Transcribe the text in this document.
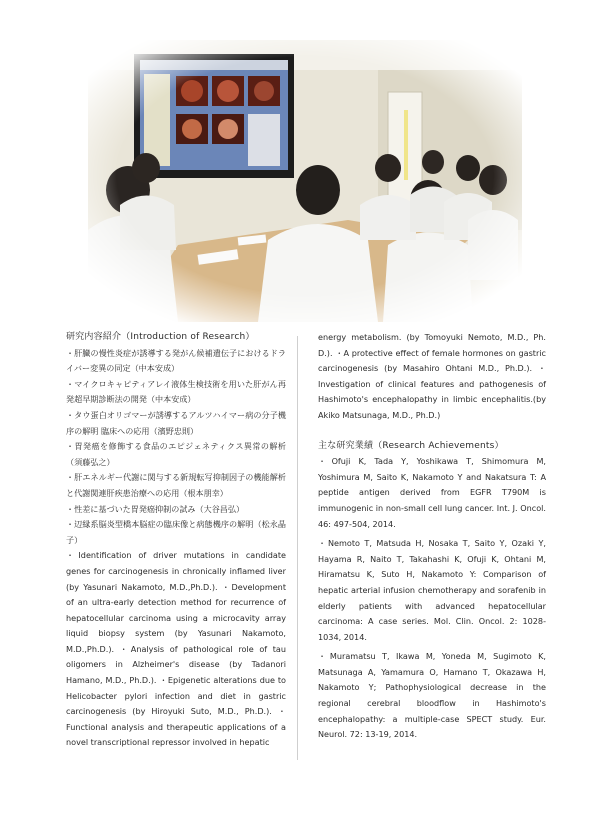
研究内容紹介（Introduction of Research）

・肝臓の慢性炎症が誘導する発がん候補遺伝子におけるドライバー変異の同定（中本安成）

・マイクロキャピティアレイ液体生検技術を用いた肝がん再発超早期診断法の開発（中本安成）

・タウ蛋白オリゴマーが誘導するアルツハイマー病の分子機序の解明 臨床への応用（濱野忠則）

・胃発癌を修飾する食品のエピジェネティクス異常の解析（須藤弘之）

・肝エネルギー代謝に関与する新規転写抑制因子の機能解析と代謝関連肝疾患治療への応用（根本朋幸）

・性差に基づいた胃発癌抑制の試み（大谷昌弘）

・辺縁系脳炎型橋本脳症の臨床像と病態機序の解明（松永晶子）

・Identification of driver mutations in candidate genes for carcinogenesis in chronically inflamed liver (by Yasunari Nakamoto, M.D.,Ph.D.). ・Development of an ultra-early detection method for recurrence of hepatocellular carcinoma using a microcavity array liquid biopsy system (by Yasunari Nakamoto, M.D.,Ph.D.). ・Analysis of pathological role of tau oligomers in Alzheimer's disease (by Tadanori Hamano, M.D., Ph.D.). ・Epigenetic alterations due to Helicobacter pylori infection and diet in gastric carcinogenesis (by Hiroyuki Suto, M.D., Ph.D.). ・Functional analysis and therapeutic applications of a novel transcriptional repressor involved in hepatic

energy metabolism. (by Tomoyuki Nemoto, M.D., Ph. D.). ・A protective effect of female hormones on gastric carcinogenesis (by Masahiro Ohtani M.D., Ph.D.). ・Investigation of clinical features and pathogenesis of Hashimoto's encephalopathy in limbic encephalitis.(by Akiko Matsunaga, M.D., Ph.D.)

主な研究業績（Research Achievements）

・Ofuji K, Tada Y, Yoshikawa T, Shimomura M, Yoshimura M, Saito K, Nakamoto Y and Nakatsura T: A peptide antigen derived from EGFR T790M is immunogenic in non-small cell lung cancer. Int. J. Oncol. 46: 497-504, 2014.

・Nemoto T, Matsuda H, Nosaka T, Saito Y, Ozaki Y, Hayama R, Naito T, Takahashi K, Ofuji K, Ohtani M, Hiramatsu K, Suto H, Nakamoto Y: Comparison of hepatic arterial infusion chemotherapy and sorafenib in elderly patients with advanced hepatocellular carcinoma: A case series. Mol. Clin. Oncol. 2: 1028-1034, 2014.

・Muramatsu T, Ikawa M, Yoneda M, Sugimoto K, Matsunaga A, Yamamura O, Hamano T, Okazawa H, Nakamoto Y; Pathophysiological decrease in the regional cerebral bloodflow in Hashimoto's encephalopathy: a multiple-case SPECT study. Eur. Neurol. 72: 13-19, 2014.
